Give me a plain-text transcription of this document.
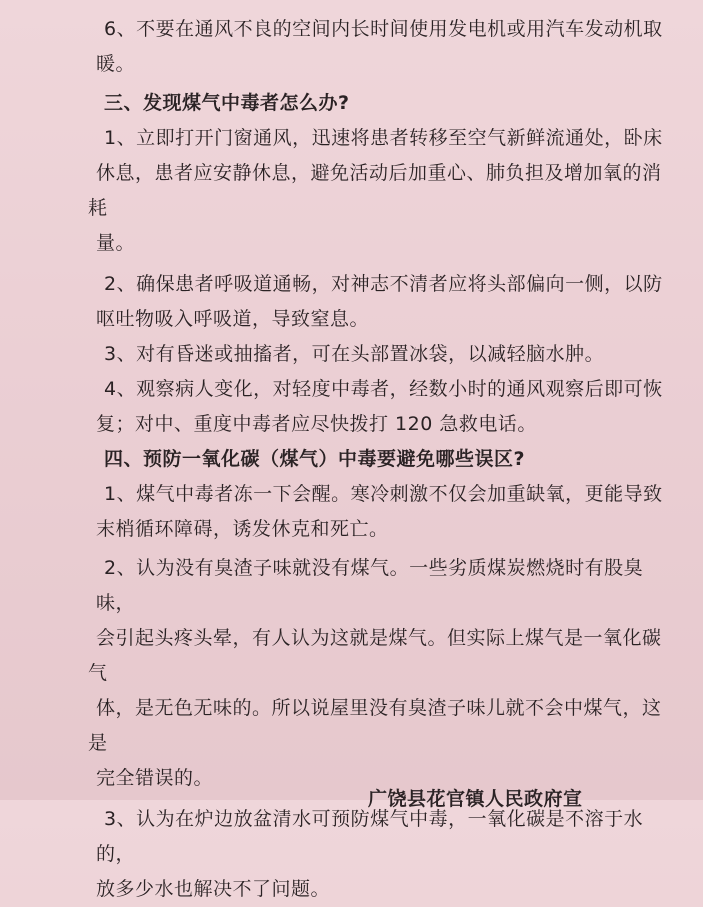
6、不要在通风不良的空间内长时间使用发电机或用汽车发动机取
暖。

三、发现煤气中毒者怎么办?

1、立即打开门窗通风，迅速将患者转移至空气新鲜流通处，卧床
休息，患者应安静休息，避免活动后加重心、肺负担及增加氧的消耗
量。

2、确保患者呼吸道通畅，对神志不清者应将头部偏向一侧，以防
呕吐物吸入呼吸道，导致窒息。

3、对有昏迷或抽搐者，可在头部置冰袋，以减轻脑水肿。

4、观察病人变化，对轻度中毒者，经数小时的通风观察后即可恢
复；对中、重度中毒者应尽快拨打 120 急救电话。

四、预防一氧化碳（煤气）中毒要避免哪些误区?

1、煤气中毒者冻一下会醒。寒冷刺激不仅会加重缺氧，更能导致
末梢循环障碍，诱发休克和死亡。

2、认为没有臭渣子味就没有煤气。一些劣质煤炭燃烧时有股臭味，
会引起头疼头晕，有人认为这就是煤气。但实际上煤气是一氧化碳气
体，是无色无味的。所以说屋里没有臭渣子味儿就不会中煤气，这是
完全错误的。

3、认为在炉边放盆清水可预防煤气中毒，一氧化碳是不溶于水的，
放多少水也解决不了问题。

广饶县花官镇人民政府宣
